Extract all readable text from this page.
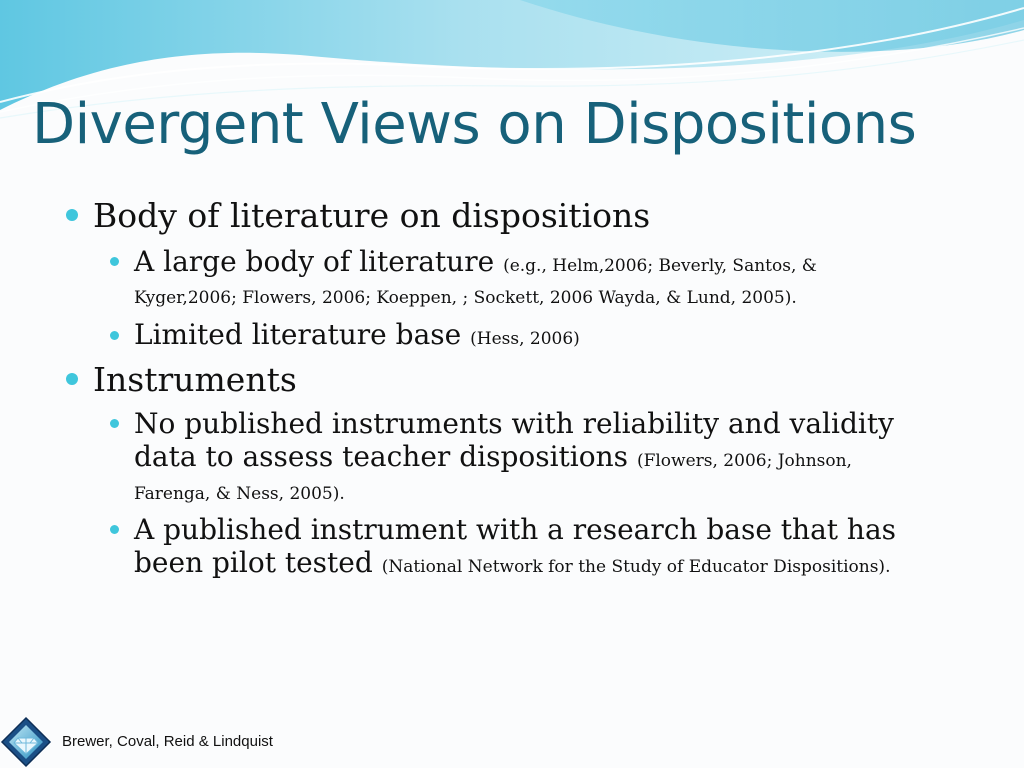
Divergent Views on Dispositions
Body of literature on dispositions
A large body of literature (e.g., Helm,2006; Beverly, Santos, &
Kyger,2006; Flowers, 2006; Koeppen, ; Sockett, 2006 Wayda, & Lund, 2005).
Limited literature base (Hess, 2006)
Instruments
No published instruments with reliability and validity
data to assess teacher dispositions (Flowers, 2006; Johnson,
Farenga, & Ness, 2005).
A published instrument with a research base that has
been pilot tested (National Network for the Study of Educator Dispositions).
Brewer, Coval, Reid & Lindquist
